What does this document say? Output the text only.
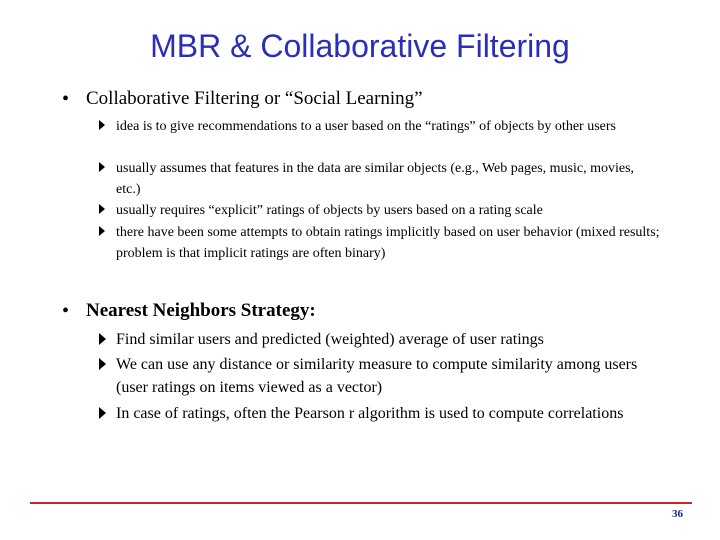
MBR & Collaborative Filtering
• Collaborative Filtering or “Social Learning”
idea is to give recommendations to a user based on the “ratings” of objects by other users
usually assumes that features in the data are similar objects (e.g., Web pages, music, movies, etc.)
usually requires “explicit” ratings of objects by users based on a rating scale
there have been some attempts to obtain ratings implicitly based on user behavior (mixed results; problem is that implicit ratings are often binary)
• Nearest Neighbors Strategy:
Find similar users and predicted (weighted) average of user ratings
We can use any distance or similarity measure to compute similarity among users (user ratings on items viewed as a vector)
In case of ratings, often the Pearson r algorithm is used to compute correlations
36
